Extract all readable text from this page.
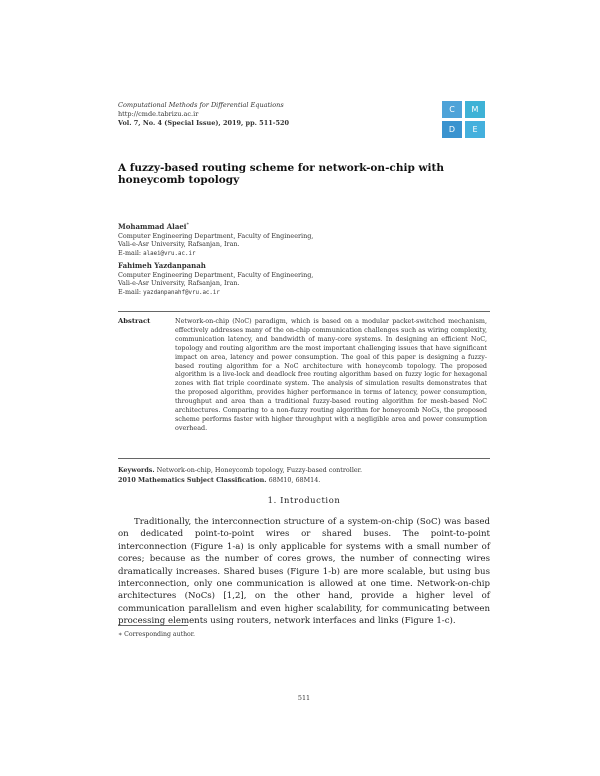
Computational Methods for Differential Equations
http://cmde.tabrizu.ac.ir
Vol. 7, No. 4 (Special Issue), 2019, pp. 511-520
C	M
D	E
A fuzzy-based routing scheme for network-on-chip with honeycomb topology
Mohammad Alaei*
Computer Engineering Department, Faculty of Engineering,
Vali-e-Asr University, Rafsanjan, Iran.
E-mail: alaei@vru.ac.ir
Fahimeh Yazdanpanah
Computer Engineering Department, Faculty of Engineering,
Vali-e-Asr University, Rafsanjan, Iran.
E-mail: yazdanpanahf@vru.ac.ir
Abstract	Network-on-chip (NoC) paradigm, which is based on a modular packet-switched mechanism, effectively addresses many of the on-chip communication challenges such as wiring complexity, communication latency, and bandwidth of many-core systems. In designing an efficient NoC, topology and routing algorithm are the most important challenging issues that have significant impact on area, latency and power consumption. The goal of this paper is designing a fuzzy-based routing algorithm for a NoC architecture with honeycomb topology. The proposed algorithm is a live-lock and deadlock free routing algorithm based on fuzzy logic for hexagonal zones with flat triple coordinate system. The analysis of simulation results demonstrates that the proposed algorithm, provides higher performance in terms of latency, power consumption, throughput and area than a traditional fuzzy-based routing algorithm for mesh-based NoC architectures. Comparing to a non-fuzzy routing algorithm for honeycomb NoCs, the proposed scheme performs faster with higher throughput with a negligible area and power consumption overhead.
Keywords. Network-on-chip, Honeycomb topology, Fuzzy-based controller.
2010 Mathematics Subject Classification. 68M10, 68M14.
1. Introduction
Traditionally, the interconnection structure of a system-on-chip (SoC) was based on dedicated point-to-point wires or shared buses. The point-to-point interconnection (Figure 1-a) is only applicable for systems with a small number of cores; because as the number of cores grows, the number of connecting wires dramatically increases. Shared buses (Figure 1-b) are more scalable, but using bus interconnection, only one communication is allowed at one time. Network-on-chip architectures (NoCs) [1,2], on the other hand, provide a higher level of communication parallelism and even higher scalability, for communicating between processing elements using routers, network interfaces and links (Figure 1-c).
∗ Corresponding author.
511
